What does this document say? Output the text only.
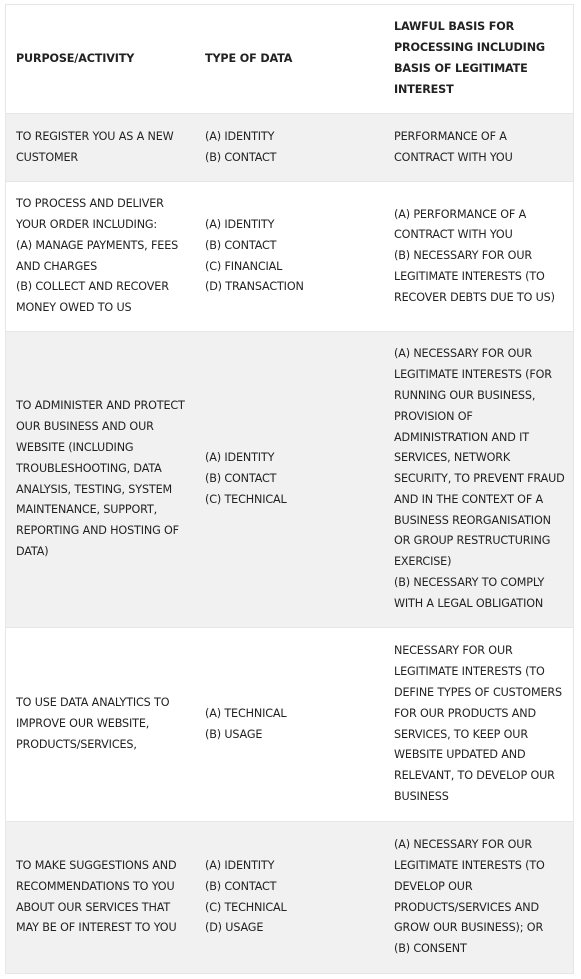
PURPOSE/ACTIVITY	TYPE OF DATA
LAWFUL BASIS FOR
PROCESSING INCLUDING
BASIS OF LEGITIMATE
INTEREST
TO REGISTER YOU AS A NEW
CUSTOMER
(A) IDENTITY
(B) CONTACT
PERFORMANCE OF A
CONTRACT WITH YOU
TO PROCESS AND DELIVER
YOUR ORDER INCLUDING:
(A) MANAGE PAYMENTS, FEES
AND CHARGES
(B) COLLECT AND RECOVER
MONEY OWED TO US
(A) IDENTITY
(B) CONTACT
(C) FINANCIAL
(D) TRANSACTION
(A) PERFORMANCE OF A
CONTRACT WITH YOU
(B) NECESSARY FOR OUR
LEGITIMATE INTERESTS (TO
RECOVER DEBTS DUE TO US)
TO ADMINISTER AND PROTECT
OUR BUSINESS AND OUR
WEBSITE (INCLUDING
TROUBLESHOOTING, DATA
ANALYSIS, TESTING, SYSTEM
MAINTENANCE, SUPPORT,
REPORTING AND HOSTING OF
DATA)
(A) IDENTITY
(B) CONTACT
(C) TECHNICAL
(A) NECESSARY FOR OUR
LEGITIMATE INTERESTS (FOR
RUNNING OUR BUSINESS,
PROVISION OF
ADMINISTRATION AND IT
SERVICES, NETWORK
SECURITY, TO PREVENT FRAUD
AND IN THE CONTEXT OF A
BUSINESS REORGANISATION
OR GROUP RESTRUCTURING
EXERCISE)
(B) NECESSARY TO COMPLY
WITH A LEGAL OBLIGATION
TO USE DATA ANALYTICS TO
IMPROVE OUR WEBSITE,
PRODUCTS/SERVICES,
(A) TECHNICAL
(B) USAGE
NECESSARY FOR OUR
LEGITIMATE INTERESTS (TO
DEFINE TYPES OF CUSTOMERS
FOR OUR PRODUCTS AND
SERVICES, TO KEEP OUR
WEBSITE UPDATED AND
RELEVANT, TO DEVELOP OUR
BUSINESS
TO MAKE SUGGESTIONS AND
RECOMMENDATIONS TO YOU
ABOUT OUR SERVICES THAT
MAY BE OF INTEREST TO YOU
(A) IDENTITY
(B) CONTACT
(C) TECHNICAL
(D) USAGE
(A) NECESSARY FOR OUR
LEGITIMATE INTERESTS (TO
DEVELOP OUR
PRODUCTS/SERVICES AND
GROW OUR BUSINESS); OR
(B) CONSENT
